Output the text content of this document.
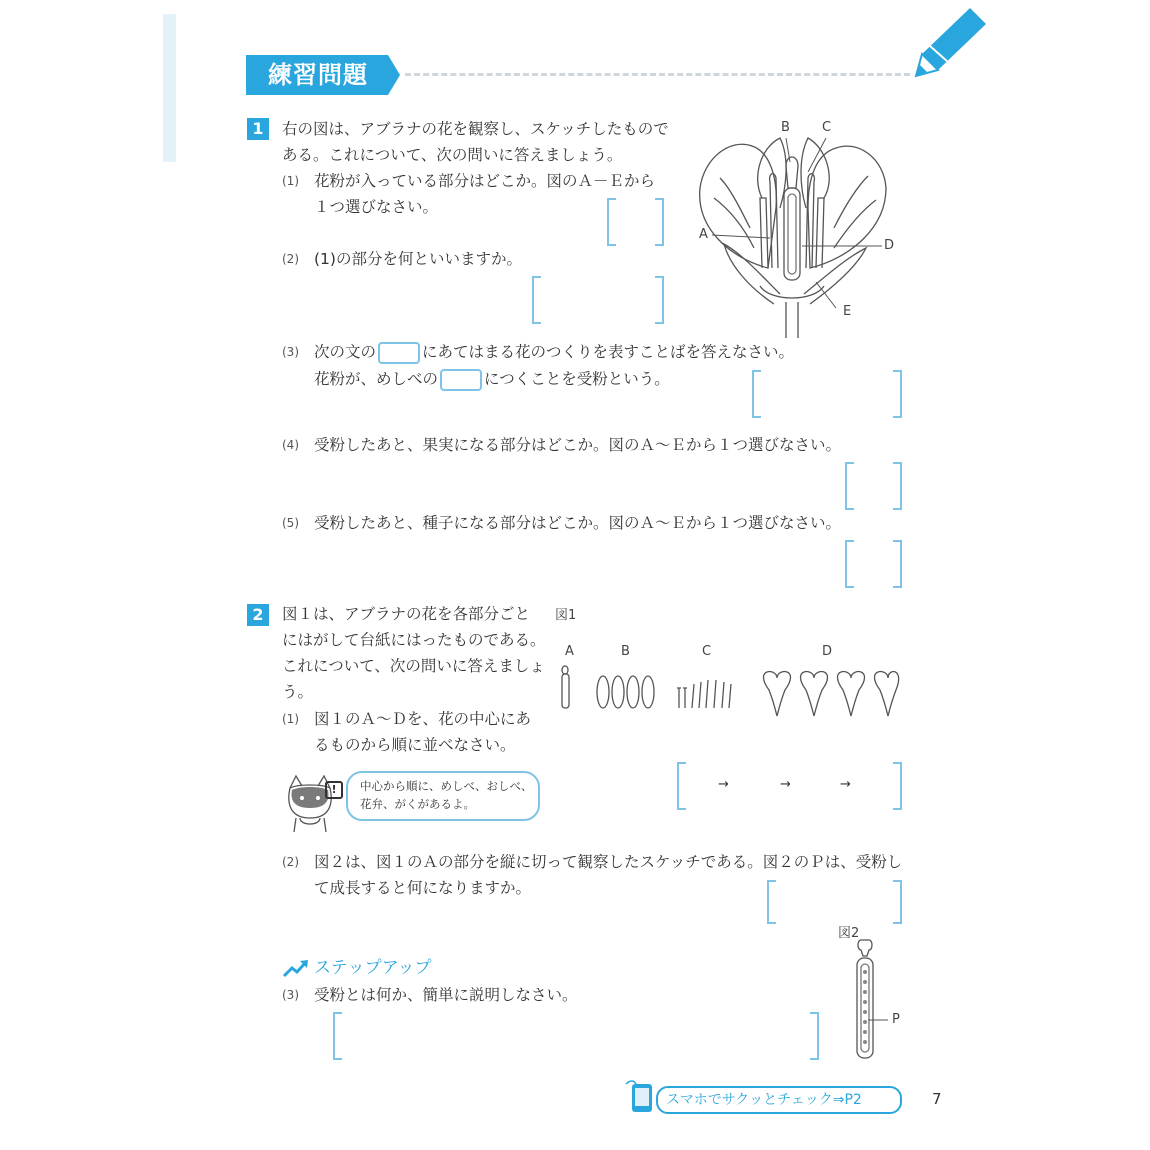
練習問題
1	右の図は、アブラナの花を観察し、スケッチしたもので
ある。これについて、次の問いに答えましょう。
(1) 花粉が入っている部分はどこか。図のＡ－Ｅから
１つ選びなさい。
(2) (1)の部分を何といいますか。
B C
A
D
E
(3) 次の文の	にあてはまる花のつくりを表すことばを答えなさい。
花粉が、めしべの	につくことを受粉という。
(4) 受粉したあと、果実になる部分はどこか。図のＡ～Ｅから１つ選びなさい。
(5) 受粉したあと、種子になる部分はどこか。図のＡ～Ｅから１つ選びなさい。
2	図１は、アブラナの花を各部分ごと
にはがして台紙にはったものである。
これについて、次の問いに答えましょ
う。
図1
A	B	C	D
(1) 図１のＡ～Ｄを、花の中心にあ
るものから順に並べなさい。
!	中心から順に、めしべ、おしべ、
花弁、がくがあるよ。
→	→	→
(2) 図２は、図１のＡの部分を縦に切って観察したスケッチである。図２のＰは、受粉し
て成長すると何になりますか。
ステップアップ
(3) 受粉とは何か、簡単に説明しなさい。
図2
P
スマホでサクッとチェック⇒P2	7
